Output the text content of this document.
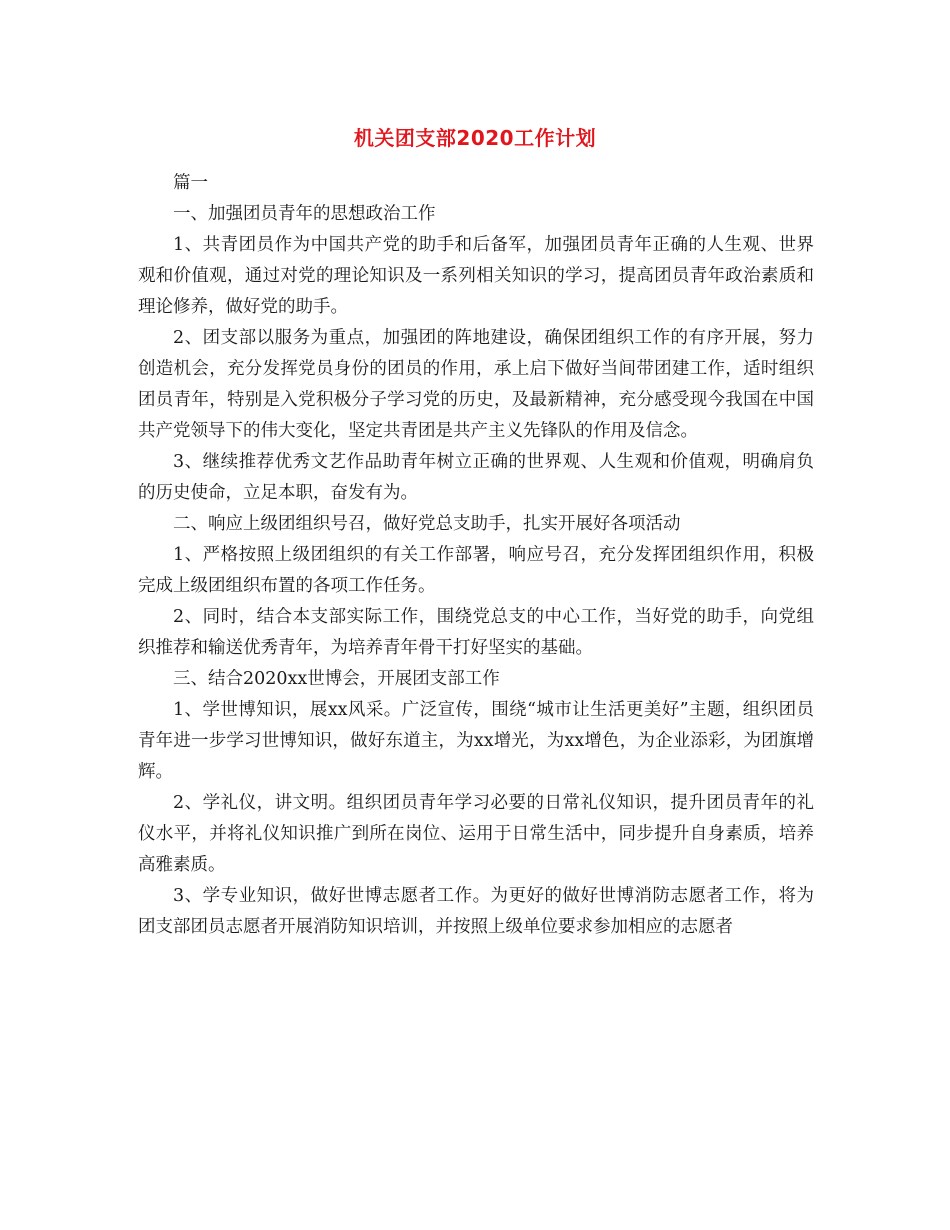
机关团支部2020工作计划

篇一

一、加强团员青年的思想政治工作

1、共青团员作为中国共产党的助手和后备军，加强团员青年正确的人生观、世界观和价值观，通过对党的理论知识及一系列相关知识的学习，提高团员青年政治素质和理论修养，做好党的助手。

2、团支部以服务为重点，加强团的阵地建设，确保团组织工作的有序开展，努力创造机会，充分发挥党员身份的团员的作用，承上启下做好当间带团建工作，适时组织团员青年，特别是入党积极分子学习党的历史，及最新精神，充分感受现今我国在中国共产党领导下的伟大变化，坚定共青团是共产主义先锋队的作用及信念。

3、继续推荐优秀文艺作品助青年树立正确的世界观、人生观和价值观，明确肩负的历史使命，立足本职，奋发有为。

二、响应上级团组织号召，做好党总支助手，扎实开展好各项活动

1、严格按照上级团组织的有关工作部署，响应号召，充分发挥团组织作用，积极完成上级团组织布置的各项工作任务。

2、同时，结合本支部实际工作，围绕党总支的中心工作，当好党的助手，向党组织推荐和输送优秀青年，为培养青年骨干打好坚实的基础。

三、结合2020xx世博会，开展团支部工作

1、学世博知识，展xx风采。广泛宣传，围绕“城市让生活更美好”主题，组织团员青年进一步学习世博知识，做好东道主，为xx增光，为xx增色，为企业添彩，为团旗增辉。

2、学礼仪，讲文明。组织团员青年学习必要的日常礼仪知识，提升团员青年的礼仪水平，并将礼仪知识推广到所在岗位、运用于日常生活中，同步提升自身素质，培养高雅素质。

3、学专业知识，做好世博志愿者工作。为更好的做好世博消防志愿者工作，将为团支部团员志愿者开展消防知识培训，并按照上级单位要求参加相应的志愿者
